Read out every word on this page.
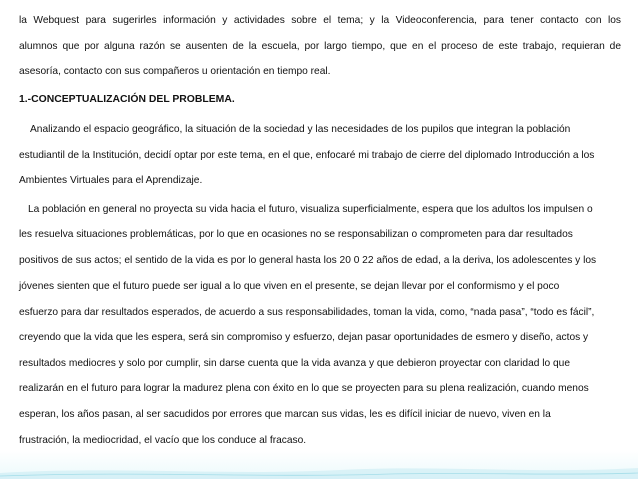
la Webquest para sugerirles información y actividades sobre el tema; y la Videoconferencia, para tener contacto con los
alumnos que por alguna razón se ausenten de la escuela, por largo tiempo, que en el proceso de este trabajo, requieran de
asesoría, contacto con sus compañeros u orientación en tiempo real.
1.-CONCEPTUALIZACIÓN DEL PROBLEMA.
Analizando el espacio geográfico, la situación de la sociedad y las necesidades de los pupilos que integran la población
estudiantil de la Institución, decidí optar por este tema, en el que, enfocaré mi trabajo de cierre del diplomado Introducción a los
Ambientes Virtuales para el Aprendizaje.
La población en general no proyecta su vida hacia el futuro, visualiza superficialmente, espera que los adultos los impulsen o
les resuelva situaciones problemáticas, por lo que en ocasiones no se responsabilizan o comprometen para dar resultados
positivos de sus actos; el sentido de la vida es por lo general hasta los 20 0 22 años de edad, a la deriva, los adolescentes y los
jóvenes sienten que el futuro puede ser igual a lo que viven en el presente, se dejan llevar por el conformismo y el poco
esfuerzo para dar resultados esperados, de acuerdo a sus responsabilidades, toman la vida, como, “nada pasa”, “todo es fácil”,
creyendo que la vida que les espera, será sin compromiso y esfuerzo, dejan pasar oportunidades de esmero y diseño, actos y
resultados mediocres y solo por cumplir, sin darse cuenta que la vida avanza y que debieron proyectar con claridad lo que
realizarán en el futuro para lograr la madurez plena con éxito en lo que se proyecten para su plena realización, cuando menos
esperan, los años pasan, al ser sacudidos por errores que marcan sus vidas, les es difícil iniciar de nuevo, viven en la
frustración, la mediocridad, el vacío que los conduce al fracaso.
